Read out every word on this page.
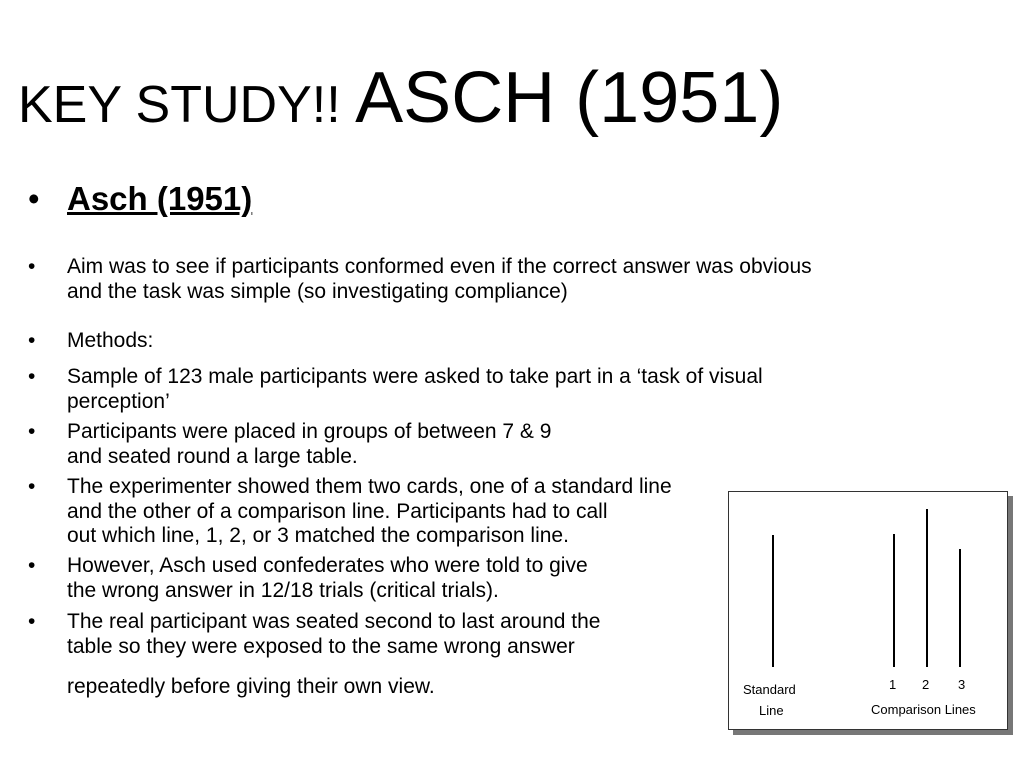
KEY STUDY!! ASCH (1951)
• Asch (1951)
• Aim was to see if participants conformed even if the correct answer was obvious
and the task was simple (so investigating compliance)
• Methods:
• Sample of 123 male participants were asked to take part in a ‘task of visual
perception’
• Participants were placed in groups of between 7 & 9
and seated round a large table.
• The experimenter showed them two cards, one of a standard line
and the other of a comparison line. Participants had to call
out which line, 1, 2, or 3 matched the comparison line.
• However, Asch used confederates who were told to give
the wrong answer in 12/18 trials (critical trials).
• The real participant was seated second to last around the
table so they were exposed to the same wrong answer
repeatedly before giving their own view.	Standard
Line
1 2 3
Comparison Lines
